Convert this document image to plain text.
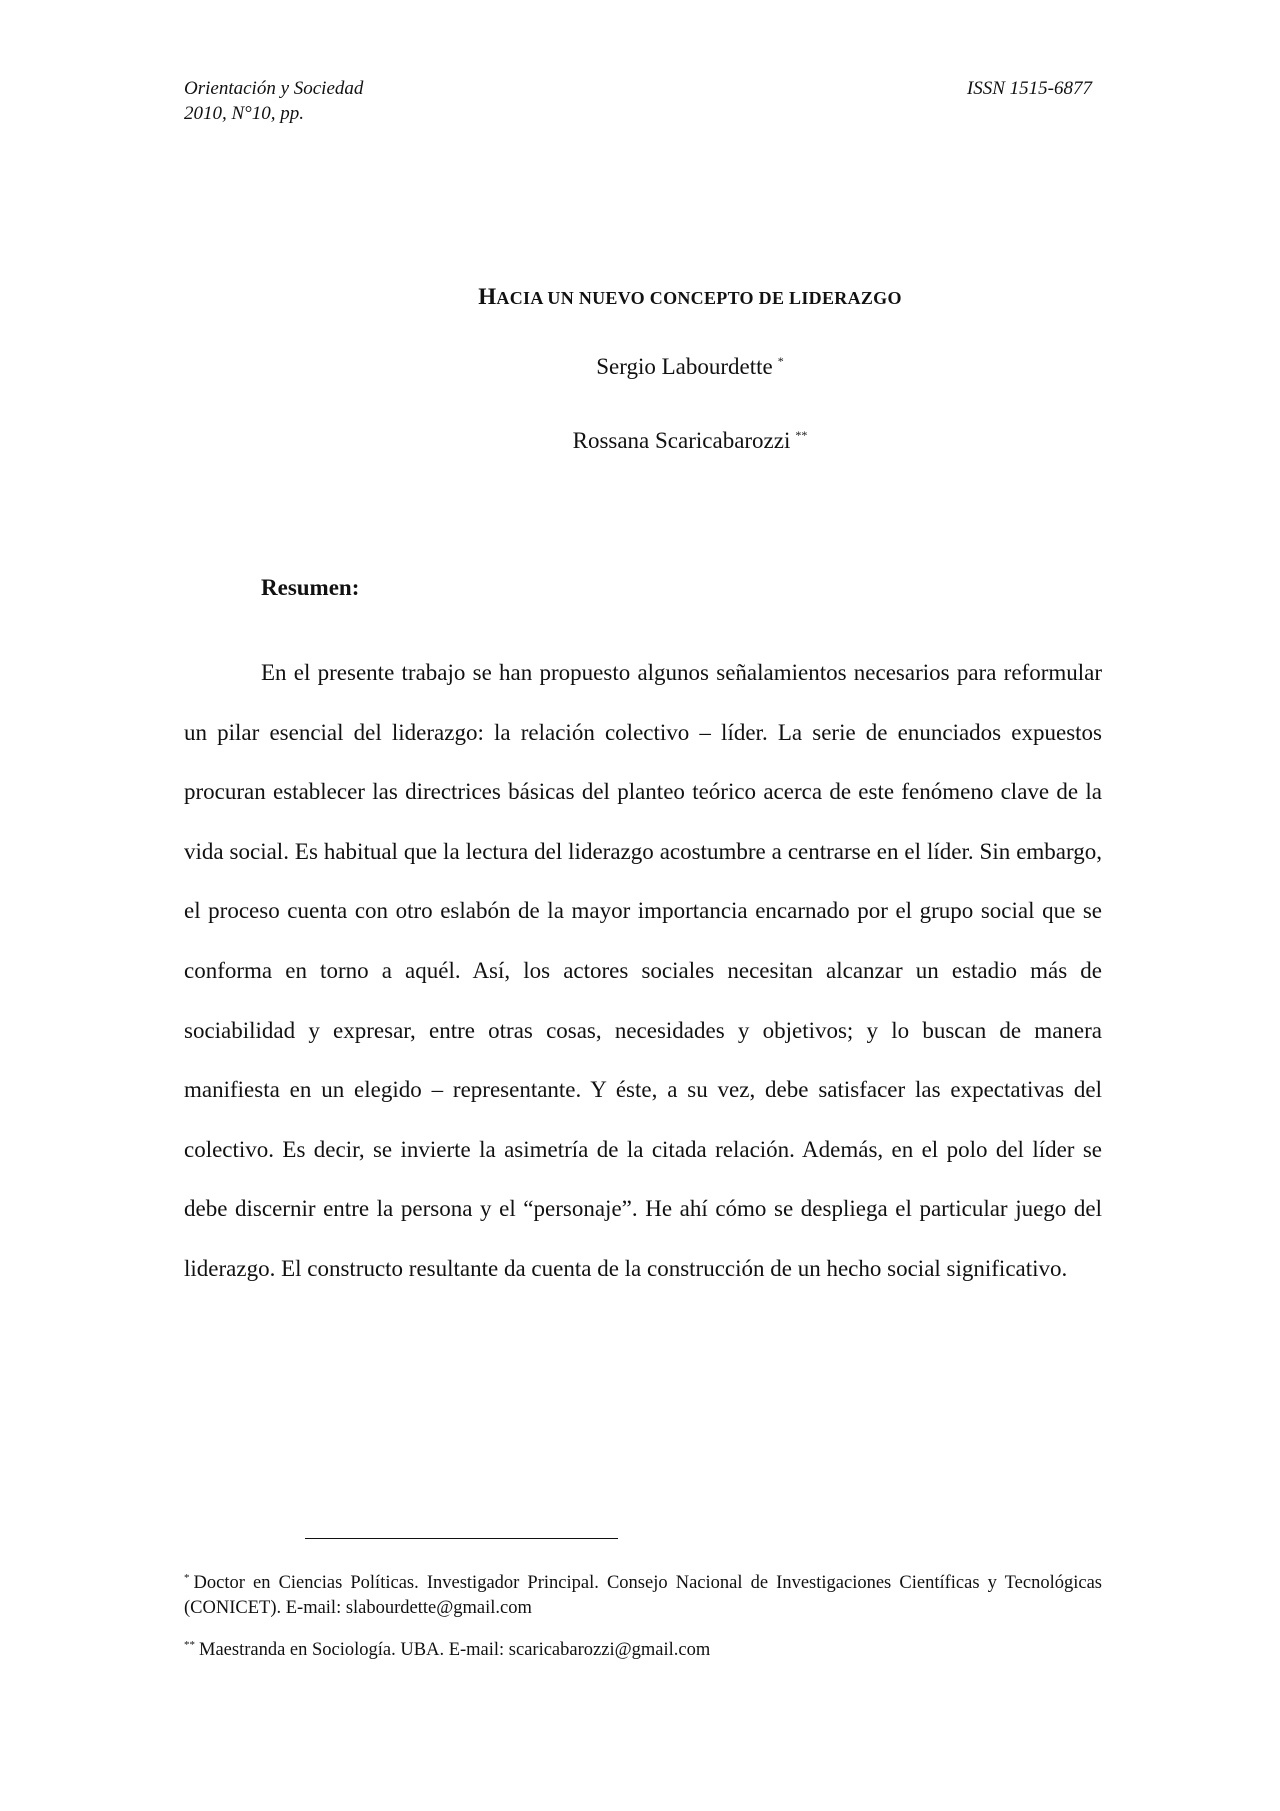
Orientación y Sociedad	ISSN 1515-6877
2010, N°10, pp.
HACIA UN NUEVO CONCEPTO DE LIDERAZGO
Sergio Labourdette *
Rossana Scaricabarozzi **
Resumen:

En el presente trabajo se han propuesto algunos señalamientos necesarios para reformular un pilar esencial del liderazgo: la relación colectivo – líder. La serie de enunciados expuestos procuran establecer las directrices básicas del planteo teórico acerca de este fenómeno clave de la vida social. Es habitual que la lectura del liderazgo acostumbre a centrarse en el líder. Sin embargo, el proceso cuenta con otro eslabón de la mayor importancia encarnado por el grupo social que se conforma en torno a aquél. Así, los actores sociales necesitan alcanzar un estadio más de sociabilidad y expresar, entre otras cosas, necesidades y objetivos; y lo buscan de manera manifiesta en un elegido – representante. Y éste, a su vez, debe satisfacer las expectativas del colectivo. Es decir, se invierte la asimetría de la citada relación. Además, en el polo del líder se debe discernir entre la persona y el “personaje”. He ahí cómo se despliega el particular juego del liderazgo. El constructo resultante da cuenta de la construcción de un hecho social significativo.

* Doctor en Ciencias Políticas. Investigador Principal. Consejo Nacional de Investigaciones Científicas y Tecnológicas (CONICET). E-mail: slabourdette@gmail.com

** Maestranda en Sociología. UBA. E-mail: scaricabarozzi@gmail.com
